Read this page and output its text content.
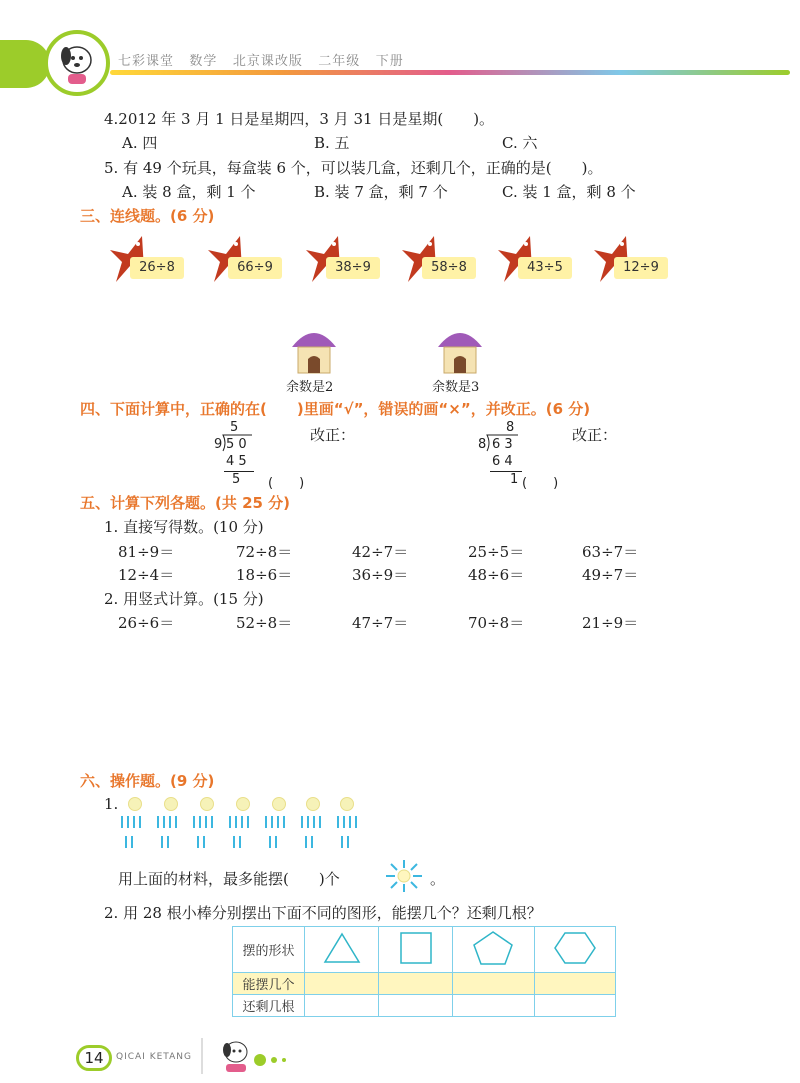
七彩课堂 数学 北京课改版 二年级 下册
4.2012 年 3 月 1 日是星期四，3 月 31 日是星期(　　)。
A. 四	B. 五	C. 六
5. 有 49 个玩具，每盒装 6 个，可以装几盒，还剩几个，正确的是(　　)。
A. 装 8 盒，剩 1 个	B. 装 7 盒，剩 7 个	C. 装 1 盒，剩 8 个
三、连线题。(6 分)
26÷8	66÷9	38÷9	58÷8	43÷5	12÷9
余数是2	余数是3
四、下面计算中，正确的在(　　)里画“√”，错误的画“×”，并改正。(6 分)
5
9 5 0
4 5
5 (　　)
改正：	8
8 6 3
6 4
1 (　　)
改正：
五、计算下列各题。(共 25 分)
1. 直接写得数。(10 分)
81÷9＝	72÷8＝	42÷7＝	25÷5＝	63÷7＝
12÷4＝	18÷6＝	36÷9＝	48÷6＝	49÷7＝
2. 用竖式计算。(15 分)
26÷6＝	52÷8＝	47÷7＝	70÷8＝	21÷9＝
六、操作题。(9 分)
1.
用上面的材料，最多能摆(　　)个	。
2. 用 28 根小棒分别摆出下面不同的图形，能摆几个？还剩几根？
摆的形状				
能摆几个				
还剩几根				
14	QICAI KETANG
